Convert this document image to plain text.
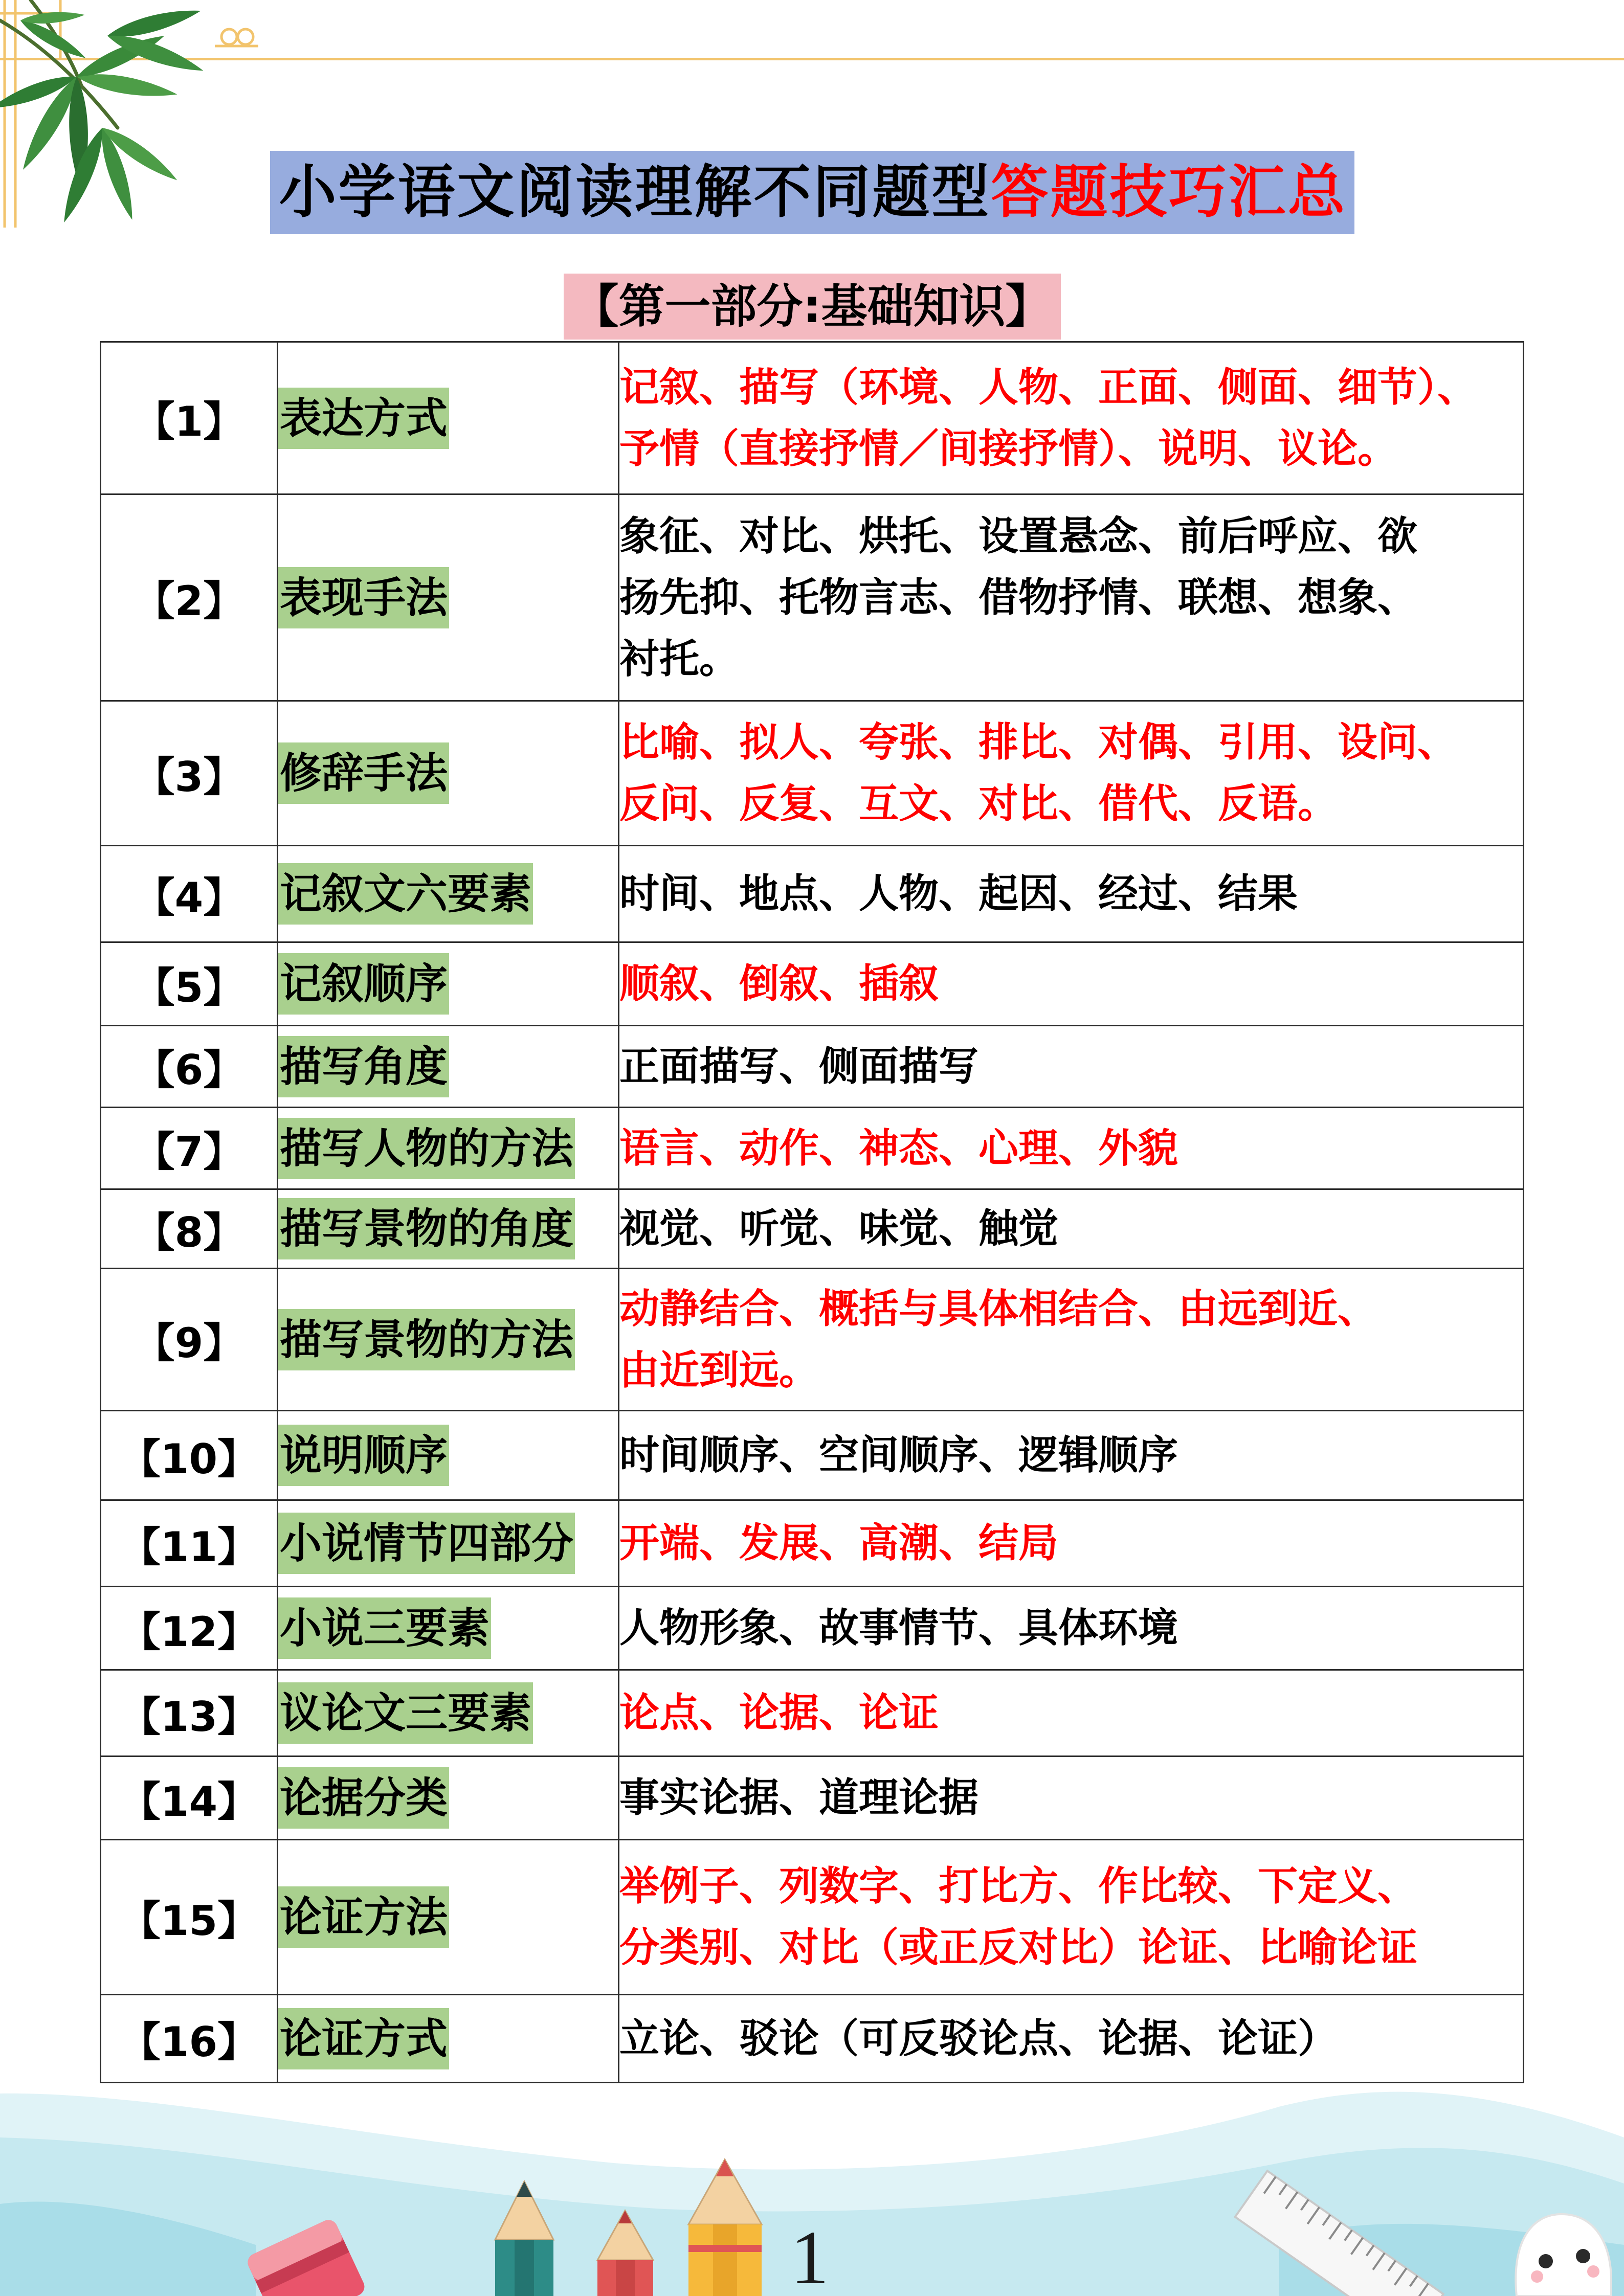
小学语文阅读理解不同题型答题技巧汇总
【第一部分:基础知识】
【1】	表达方式	记叙、描写（环境、人物、正面、侧面、细节）、
予情（直接抒情／间接抒情）、说明、议论。

【2】	表现手法	象征、对比、烘托、设置悬念、前后呼应、欲
扬先抑、托物言志、借物抒情、联想、想象、
衬托。

【3】	修辞手法	比喻、拟人、夸张、排比、对偶、引用、设问、
反问、反复、互文、对比、借代、反语。

【4】	记叙文六要素	时间、地点、人物、起因、经过、结果

【5】	记叙顺序	顺叙、倒叙、插叙

【6】	描写角度	正面描写、侧面描写

【7】	描写人物的方法	语言、动作、神态、心理、外貌

【8】	描写景物的角度	视觉、听觉、味觉、触觉

【9】	描写景物的方法	动静结合、概括与具体相结合、由远到近、
由近到远。

【10】	说明顺序	时间顺序、空间顺序、逻辑顺序

【11】	小说情节四部分	开端、发展、高潮、结局

【12】	小说三要素	人物形象、故事情节、具体环境

【13】	议论文三要素	论点、论据、论证

【14】	论据分类	事实论据、道理论据

【15】	论证方法	举例子、列数字、打比方、作比较、下定义、
分类别、对比（或正反对比）论证、比喻论证

【16】	论证方式	立论、驳论（可反驳论点、论据、论证）
1
